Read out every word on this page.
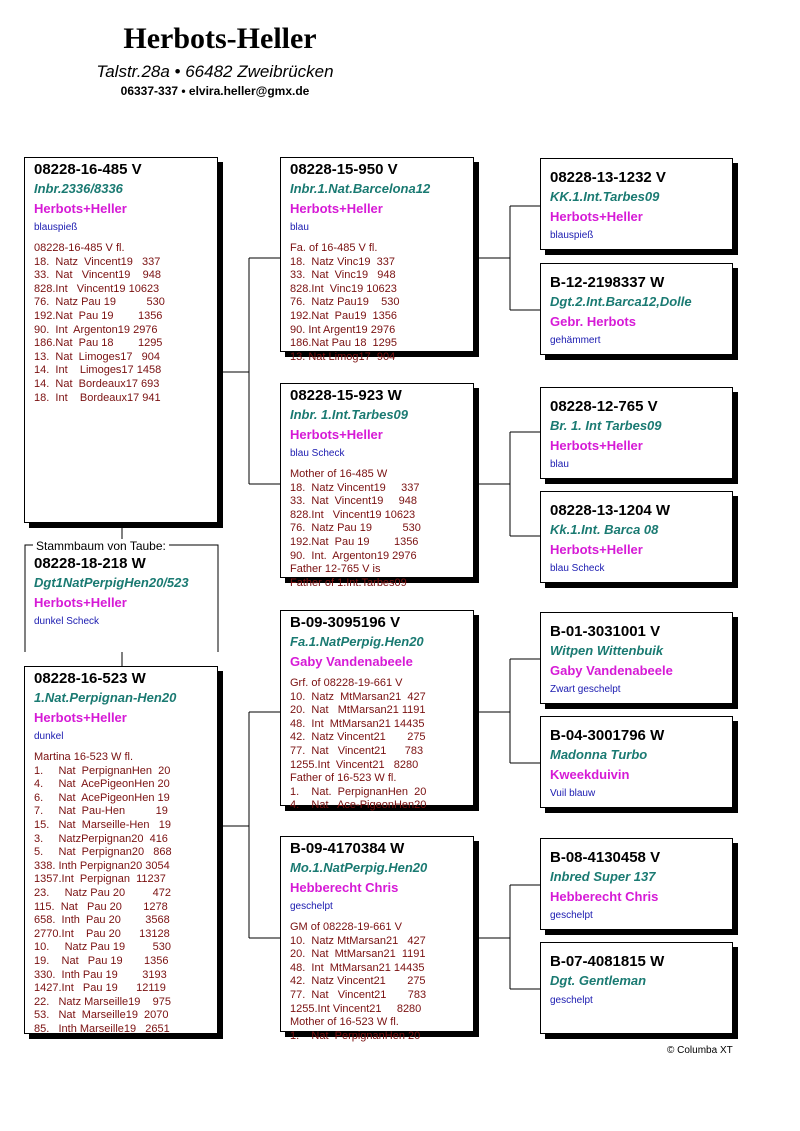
Herbots-Heller
Talstr.28a • 66482 Zweibrücken
06337-337 • elvira.heller@gmx.de
Stammbaum von Taube:
08228-16-485 V
Inbr.2336/8336
Herbots+Heller
blauspieß
08228-16-485 V fl.
18.  Natz  Vincent19   337
33.  Nat   Vincent19    948
828.Int   Vincent19 10623
76.  Natz Pau 19          530
192.Nat  Pau 19        1356
90.  Int  Argenton19 2976
186.Nat  Pau 18        1295
13.  Nat  Limoges17   904
14.  Int    Limoges17 1458
14.  Nat  Bordeaux17 693
18.  Int    Bordeaux17 941
08228-18-218 W
Dgt1NatPerpigHen20/523
Herbots+Heller
dunkel Scheck
08228-16-523 W
1.Nat.Perpignan-Hen20
Herbots+Heller
dunkel
Martina 16-523 W fl.
1.     Nat  PerpignanHen  20
4.     Nat  AcePigeonHen 20
6.     Nat  AcePigeonHen 19
7.     Nat  Pau-Hen          19
15.   Nat  Marseille-Hen   19
3.     NatzPerpignan20  416
5.     Nat  Perpignan20   868
338. Inth Perpignan20 3054
1357.Int  Perpignan  11237
23.     Natz Pau 20         472
115.  Nat   Pau 20       1278
658.  Inth  Pau 20        3568
2770.Int    Pau 20      13128
10.     Natz Pau 19         530
19.    Nat   Pau 19       1356
330.  Inth Pau 19        3193
1427.Int   Pau 19      12119
22.   Natz Marseille19    975
53.   Nat  Marseille19  2070
85.   Inth Marseille19   2651
08228-15-950 V
Inbr.1.Nat.Barcelona12
Herbots+Heller
blau
Fa. of 16-485 V fl.
18.  Natz Vinc19  337
33.  Nat  Vinc19   948
828.Int  Vinc19 10623
76.  Natz Pau19    530
192.Nat  Pau19  1356
90. Int Argent19 2976
186.Nat Pau 18  1295
13. Nat Limog17  904
08228-15-923 W
Inbr. 1.Int.Tarbes09
Herbots+Heller
blau Scheck
Mother of 16-485 W
18.  Natz Vincent19     337
33.  Nat  Vincent19     948
828.Int   Vincent19 10623
76.  Natz Pau 19          530
192.Nat  Pau 19        1356
90.  Int.  Argenton19 2976
Father 12-765 V is
Father of 1.Int.Tarbes09
B-09-3095196 V
Fa.1.NatPerpig.Hen20
Gaby Vandenabeele
Grf. of 08228-19-661 V
10.  Natz  MtMarsan21  427
20.  Nat   MtMarsan21 1191
48.  Int  MtMarsan21 14435
42.  Natz Vincent21       275
77.  Nat   Vincent21      783
1255.Int  Vincent21   8280
Father of 16-523 W fl.
1.    Nat.  PerpignanHen  20
4.    Nat   Ace-PigeonHen20
B-09-4170384 W
Mo.1.NatPerpig.Hen20
Hebberecht Chris
geschelpt
GM of 08228-19-661 V
10.  Natz MtMarsan21   427
20.  Nat  MtMarsan21  1191
48.  Int  MtMarsan21 14435
42.  Natz Vincent21       275
77.  Nat   Vincent21       783
1255.Int Vincent21     8280
Mother of 16-523 W fl.
1.    Nat  PerpignanHen 20
08228-13-1232 V
KK.1.Int.Tarbes09
Herbots+Heller
blauspieß
B-12-2198337 W
Dgt.2.Int.Barca12,Dolle
Gebr. Herbots
gehämmert
08228-12-765 V
Br. 1. Int Tarbes09
Herbots+Heller
blau
08228-13-1204 W
Kk.1.Int. Barca 08
Herbots+Heller
blau Scheck
B-01-3031001 V
Witpen Wittenbuik
Gaby Vandenabeele
Zwart geschelpt
B-04-3001796 W
Madonna Turbo
Kweekduivin
Vuil blauw
B-08-4130458 V
Inbred Super 137
Hebberecht Chris
geschelpt
B-07-4081815 W
Dgt. Gentleman
geschelpt
© Columba XT
